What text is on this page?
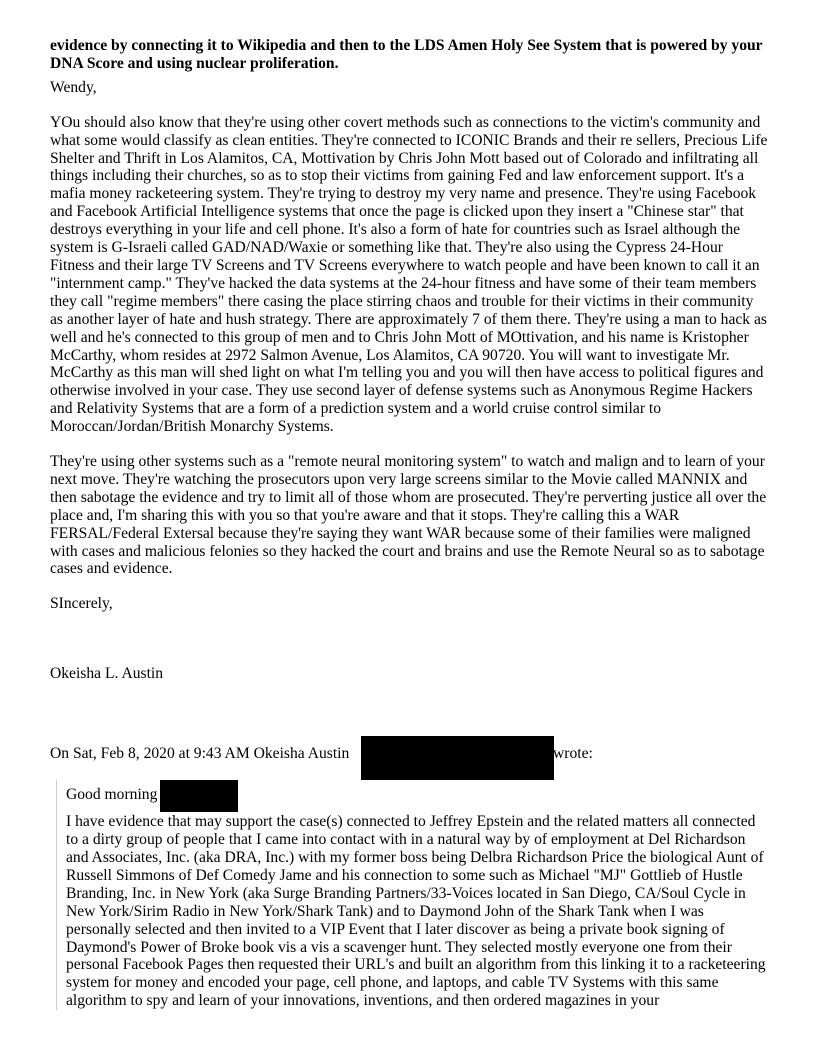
evidence by connecting it to Wikipedia and then to the LDS Amen Holy See System that is powered by your DNA Score and using nuclear proliferation.

Wendy,

YOu should also know that they're using other covert methods such as connections to the victim's community and what some would classify as clean entities. They're connected to ICONIC Brands and their re sellers, Precious Life Shelter and Thrift in Los Alamitos, CA, Mottivation by Chris John Mott based out of Colorado and infiltrating all things including their churches, so as to stop their victims from gaining Fed and law enforcement support. It's a mafia money racketeering system. They're trying to destroy my very name and presence. They're using Facebook and Facebook Artificial Intelligence systems that once the page is clicked upon they insert a "Chinese star" that destroys everything in your life and cell phone. It's also a form of hate for countries such as Israel although the system is G-Israeli called GAD/NAD/Waxie or something like that. They're also using the Cypress 24-Hour Fitness and their large TV Screens and TV Screens everywhere to watch people and have been known to call it an "internment camp." They've hacked the data systems at the 24-hour fitness and have some of their team members they call "regime members" there casing the place stirring chaos and trouble for their victims in their community as another layer of hate and hush strategy. There are approximately 7 of them there. They're using a man to hack as well and he's connected to this group of men and to Chris John Mott of MOttivation, and his name is Kristopher McCarthy, whom resides at 2972 Salmon Avenue, Los Alamitos, CA 90720. You will want to investigate Mr. McCarthy as this man will shed light on what I'm telling you and you will then have access to political figures and otherwise involved in your case. They use second layer of defense systems such as Anonymous Regime Hackers and Relativity Systems that are a form of a prediction system and a world cruise control similar to Moroccan/Jordan/British Monarchy Systems.

They're using other systems such as a "remote neural monitoring system" to watch and malign and to learn of your next move. They're watching the prosecutors upon very large screens similar to the Movie called MANNIX and then sabotage the evidence and try to limit all of those whom are prosecuted. They're perverting justice all over the place and, I'm sharing this with you so that you're aware and that it stops. They're calling this a WAR FERSAL/Federal Extersal because they're saying they want WAR because some of their families were maligned with cases and malicious felonies so they hacked the court and brains and use the Remote Neural so as to sabotage cases and evidence.

SIncerely,

Okeisha L. Austin

On Sat, Feb 8, 2020 at 9:43 AM Okeisha Austin	wrote:
Good morning

I have evidence that may support the case(s) connected to Jeffrey Epstein and the related matters all connected to a dirty group of people that I came into contact with in a natural way by of employment at Del Richardson and Associates, Inc. (aka DRA, Inc.) with my former boss being Delbra Richardson Price the biological Aunt of Russell Simmons of Def Comedy Jame and his connection to some such as Michael "MJ" Gottlieb of Hustle Branding, Inc. in New York (aka Surge Branding Partners/33-Voices located in San Diego, CA/Soul Cycle in New York/Sirim Radio in New York/Shark Tank) and to Daymond John of the Shark Tank when I was personally selected and then invited to a VIP Event that I later discover as being a private book signing of Daymond's Power of Broke book vis a vis a scavenger hunt. They selected mostly everyone one from their personal Facebook Pages then requested their URL's and built an algorithm from this linking it to a racketeering system for money and encoded your page, cell phone, and laptops, and cable TV Systems with this same algorithm to spy and learn of your innovations, inventions, and then ordered magazines in your
